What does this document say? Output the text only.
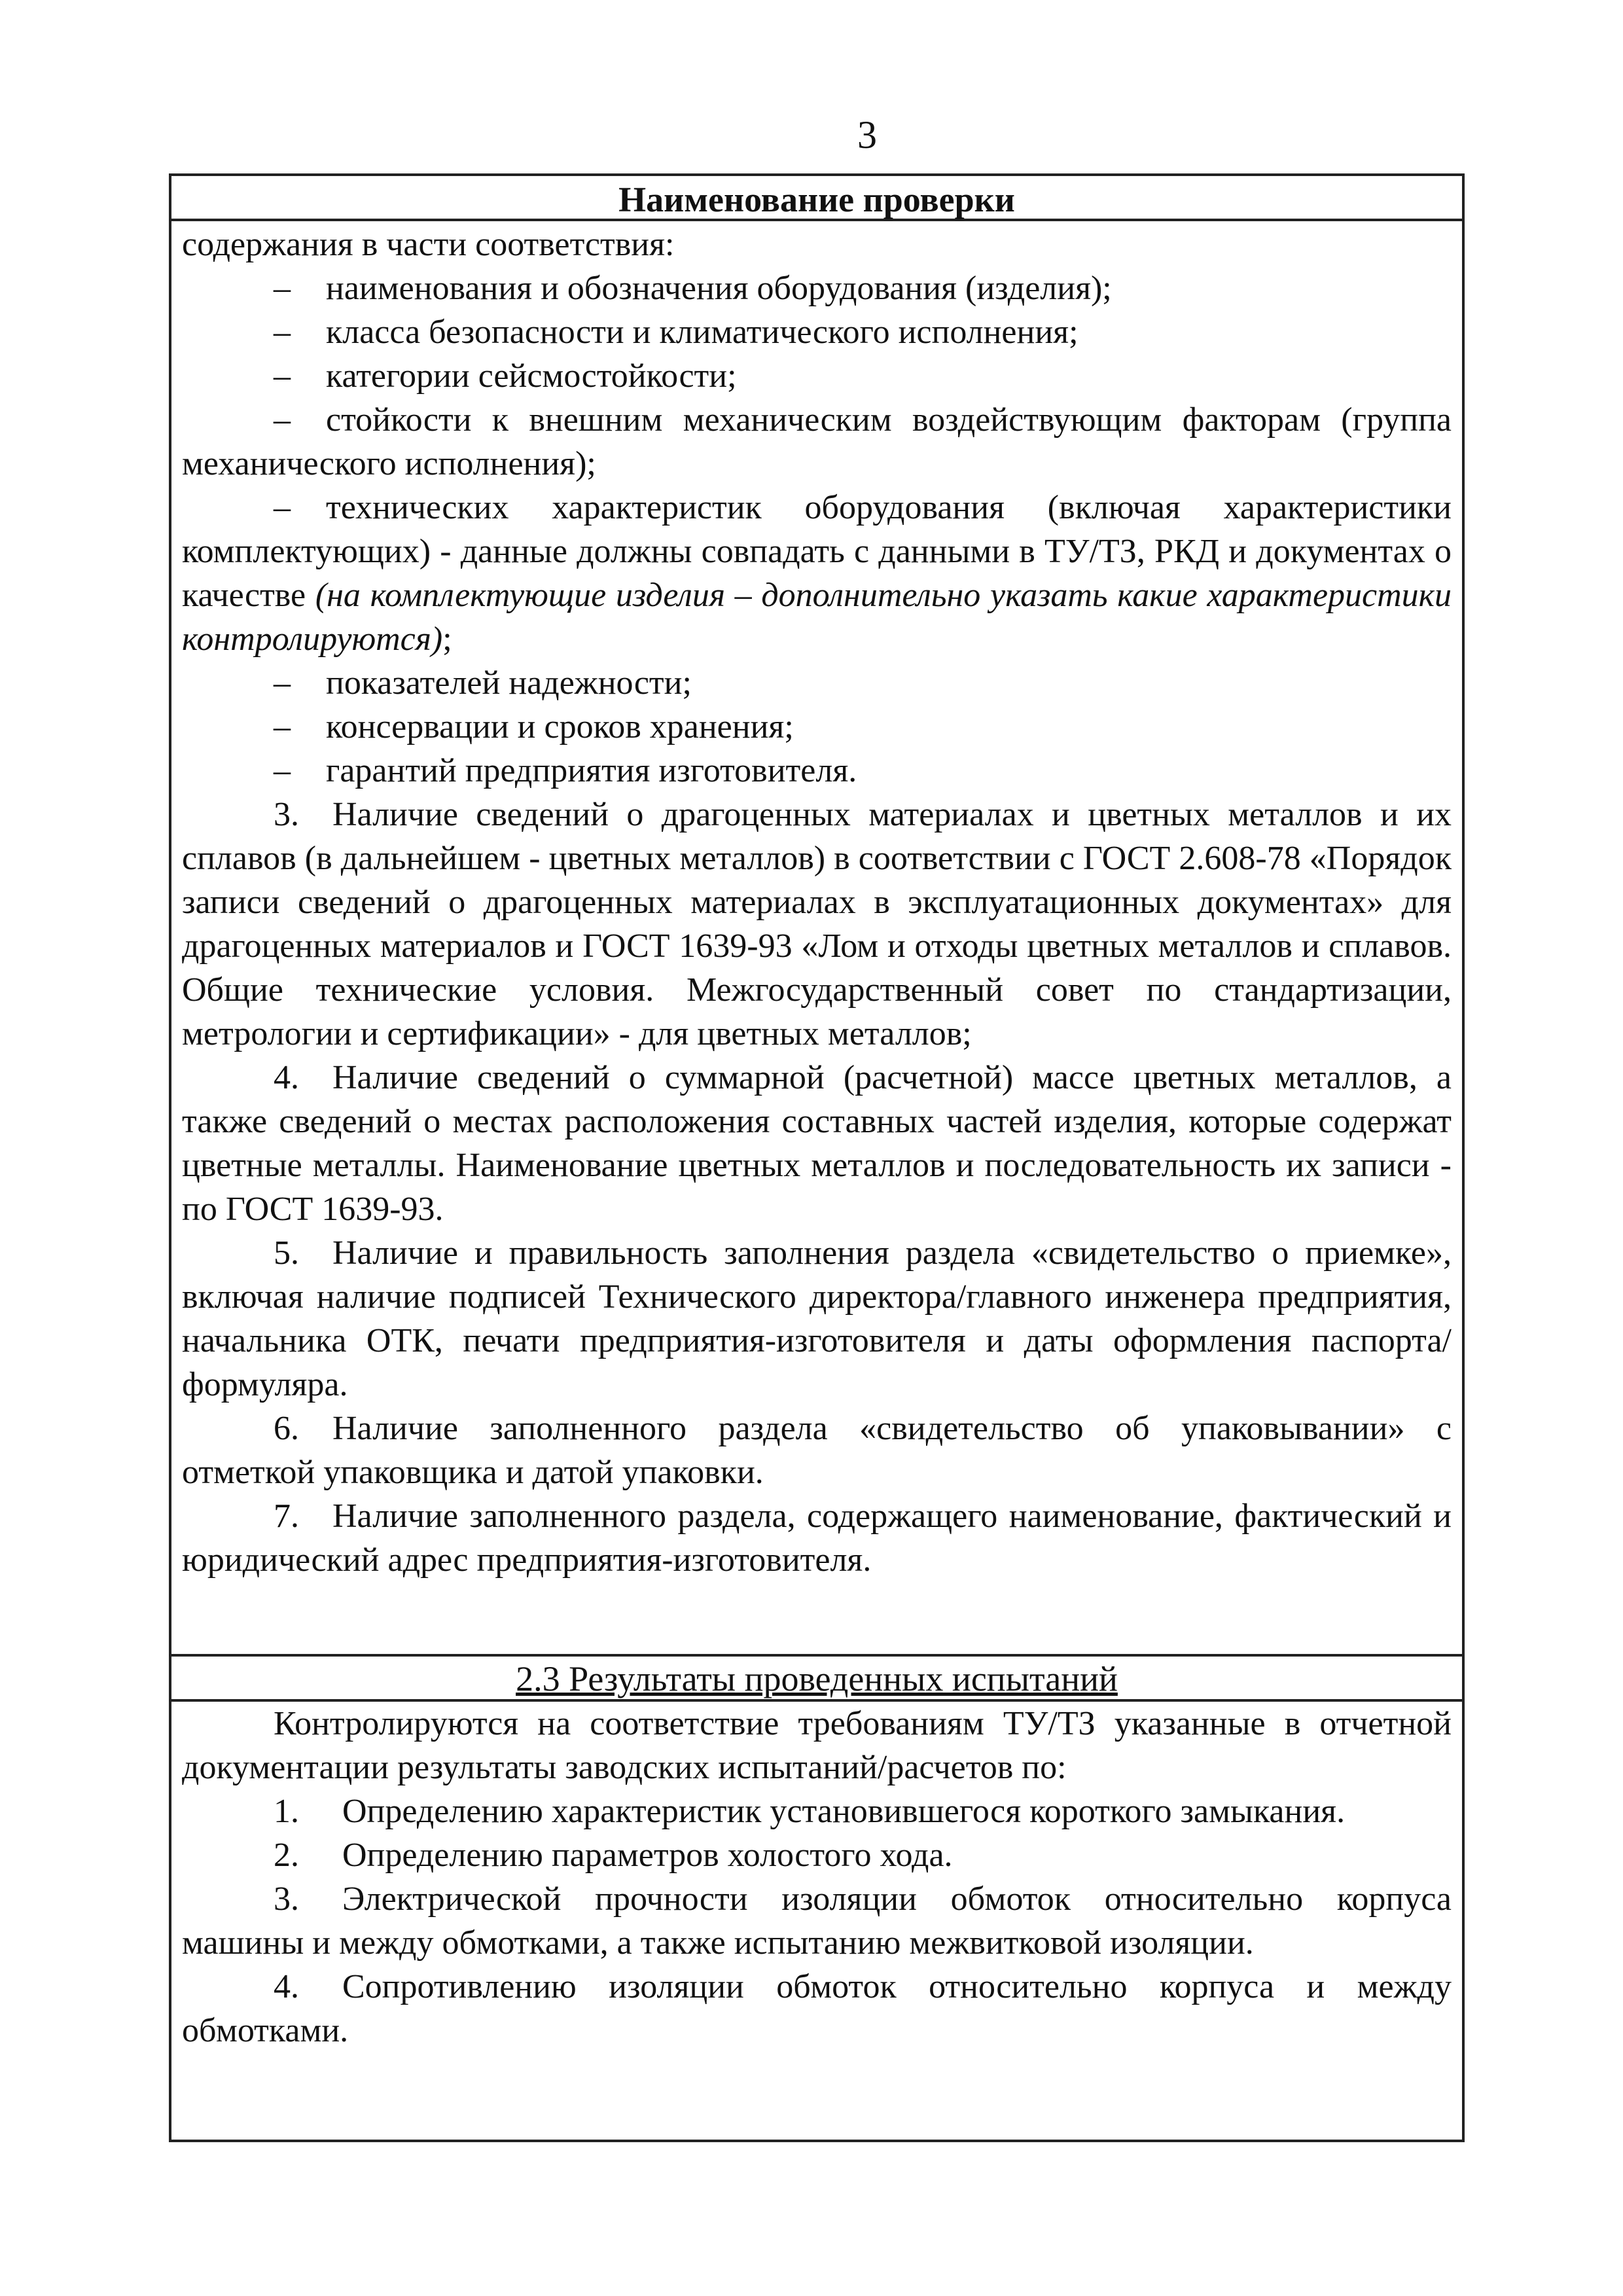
3
Наименование проверки

содержания в части соответствия:

– наименования и обозначения оборудования (изделия);

– класса безопасности и климатического исполнения;

– категории сейсмостойкости;

– стойкости к внешним механическим воздействующим факторам (группа механического исполнения);

– технических характеристик оборудования (включая характеристики комплектующих) - данные должны совпадать с данными в ТУ/ТЗ, РКД и документах о качестве (на комплектующие изделия – дополнительно указать какие характеристики контролируются);

– показателей надежности;

– консервации и сроков хранения;

– гарантий предприятия изготовителя.

3. Наличие сведений о драгоценных материалах и цветных металлов и их сплавов (в дальнейшем - цветных металлов) в соответствии с ГОСТ 2.608-78 «Порядок записи сведений о драгоценных материалах в эксплуатационных документах» для драгоценных материалов и ГОСТ 1639-93 «Лом и отходы цветных металлов и сплавов. Общие технические условия. Межгосударственный совет по стандартизации, метрологии и сертификации» - для цветных металлов;

4. Наличие сведений о суммарной (расчетной) массе цветных металлов, а также сведений о местах расположения составных частей изделия, которые содержат цветные металлы. Наименование цветных металлов и последовательность их записи - по ГОСТ 1639-93.

5. Наличие и правильность заполнения раздела «свидетельство о приемке», включая наличие подписей Технического директора/главного инженера предприятия, начальника ОТК, печати предприятия-изготовителя и даты оформления паспорта/формуляра.

6. Наличие заполненного раздела «свидетельство об упаковывании» с отметкой упаковщика и датой упаковки.

7. Наличие заполненного раздела, содержащего наименование, фактический и юридический адрес предприятия-изготовителя.

2.3 Результаты проведенных испытаний

Контролируются на соответствие требованиям ТУ/ТЗ указанные в отчетной документации результаты заводских испытаний/расчетов по:

1. Определению характеристик установившегося короткого замыкания.

2. Определению параметров холостого хода.

3. Электрической прочности изоляции обмоток относительно корпуса машины и между обмотками, а также испытанию межвитковой изоляции.

4. Сопротивлению изоляции обмоток относительно корпуса и между обмотками.
